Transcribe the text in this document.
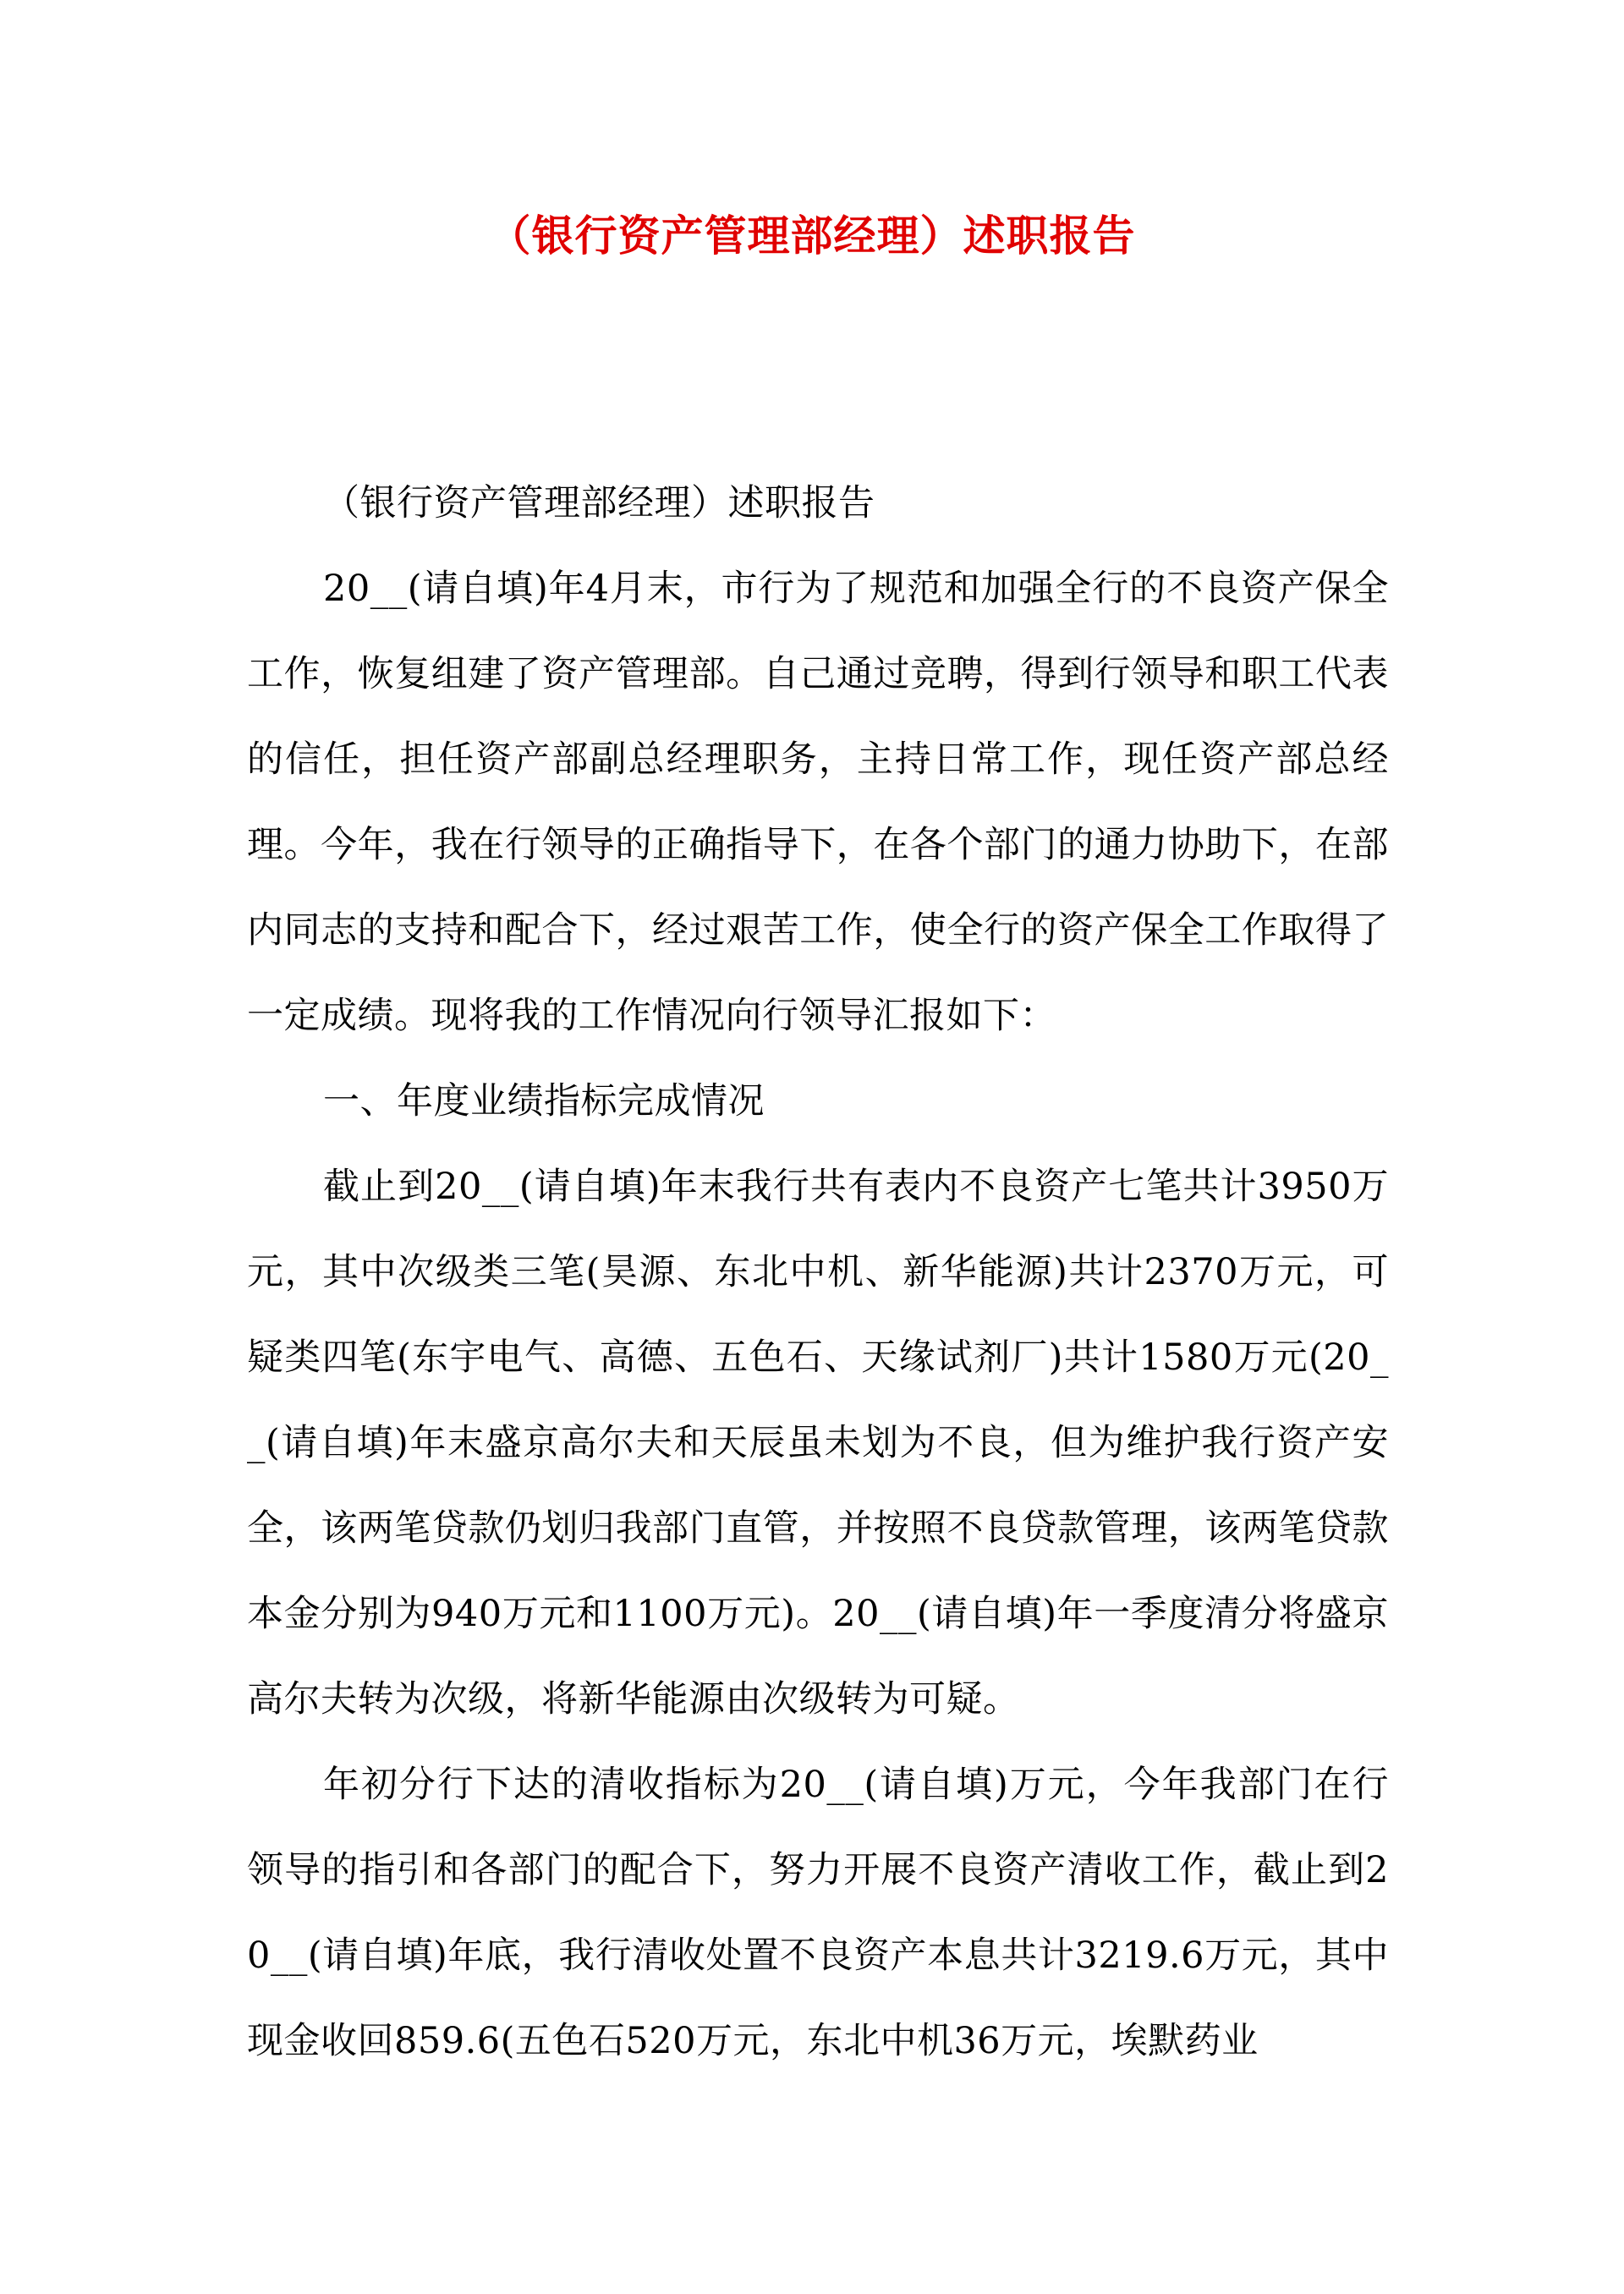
（银行资产管理部经理）述职报告

（银行资产管理部经理）述职报告

20__(请自填)年4月末，市行为了规范和加强全行的不良资产保全工作，恢复组建了资产管理部。自己通过竞聘，得到行领导和职工代表的信任，担任资产部副总经理职务，主持日常工作，现任资产部总经理。今年，我在行领导的正确指导下，在各个部门的通力协助下，在部内同志的支持和配合下，经过艰苦工作，使全行的资产保全工作取得了一定成绩。现将我的工作情况向行领导汇报如下：

一、年度业绩指标完成情况

截止到20__(请自填)年末我行共有表内不良资产七笔共计3950万元，其中次级类三笔(昊源、东北中机、新华能源)共计2370万元，可疑类四笔(东宇电气、高德、五色石、天缘试剂厂)共计1580万元(20__(请自填)年末盛京高尔夫和天辰虽未划为不良，但为维护我行资产安全，该两笔贷款仍划归我部门直管，并按照不良贷款管理，该两笔贷款本金分别为940万元和1100万元)。20__(请自填)年一季度清分将盛京高尔夫转为次级，将新华能源由次级转为可疑。

年初分行下达的清收指标为20__(请自填)万元，今年我部门在行领导的指引和各部门的配合下，努力开展不良资产清收工作，截止到20__(请自填)年底，我行清收处置不良资产本息共计3219.6万元，其中现金收回859.6(五色石520万元，东北中机36万元，埃默药业
